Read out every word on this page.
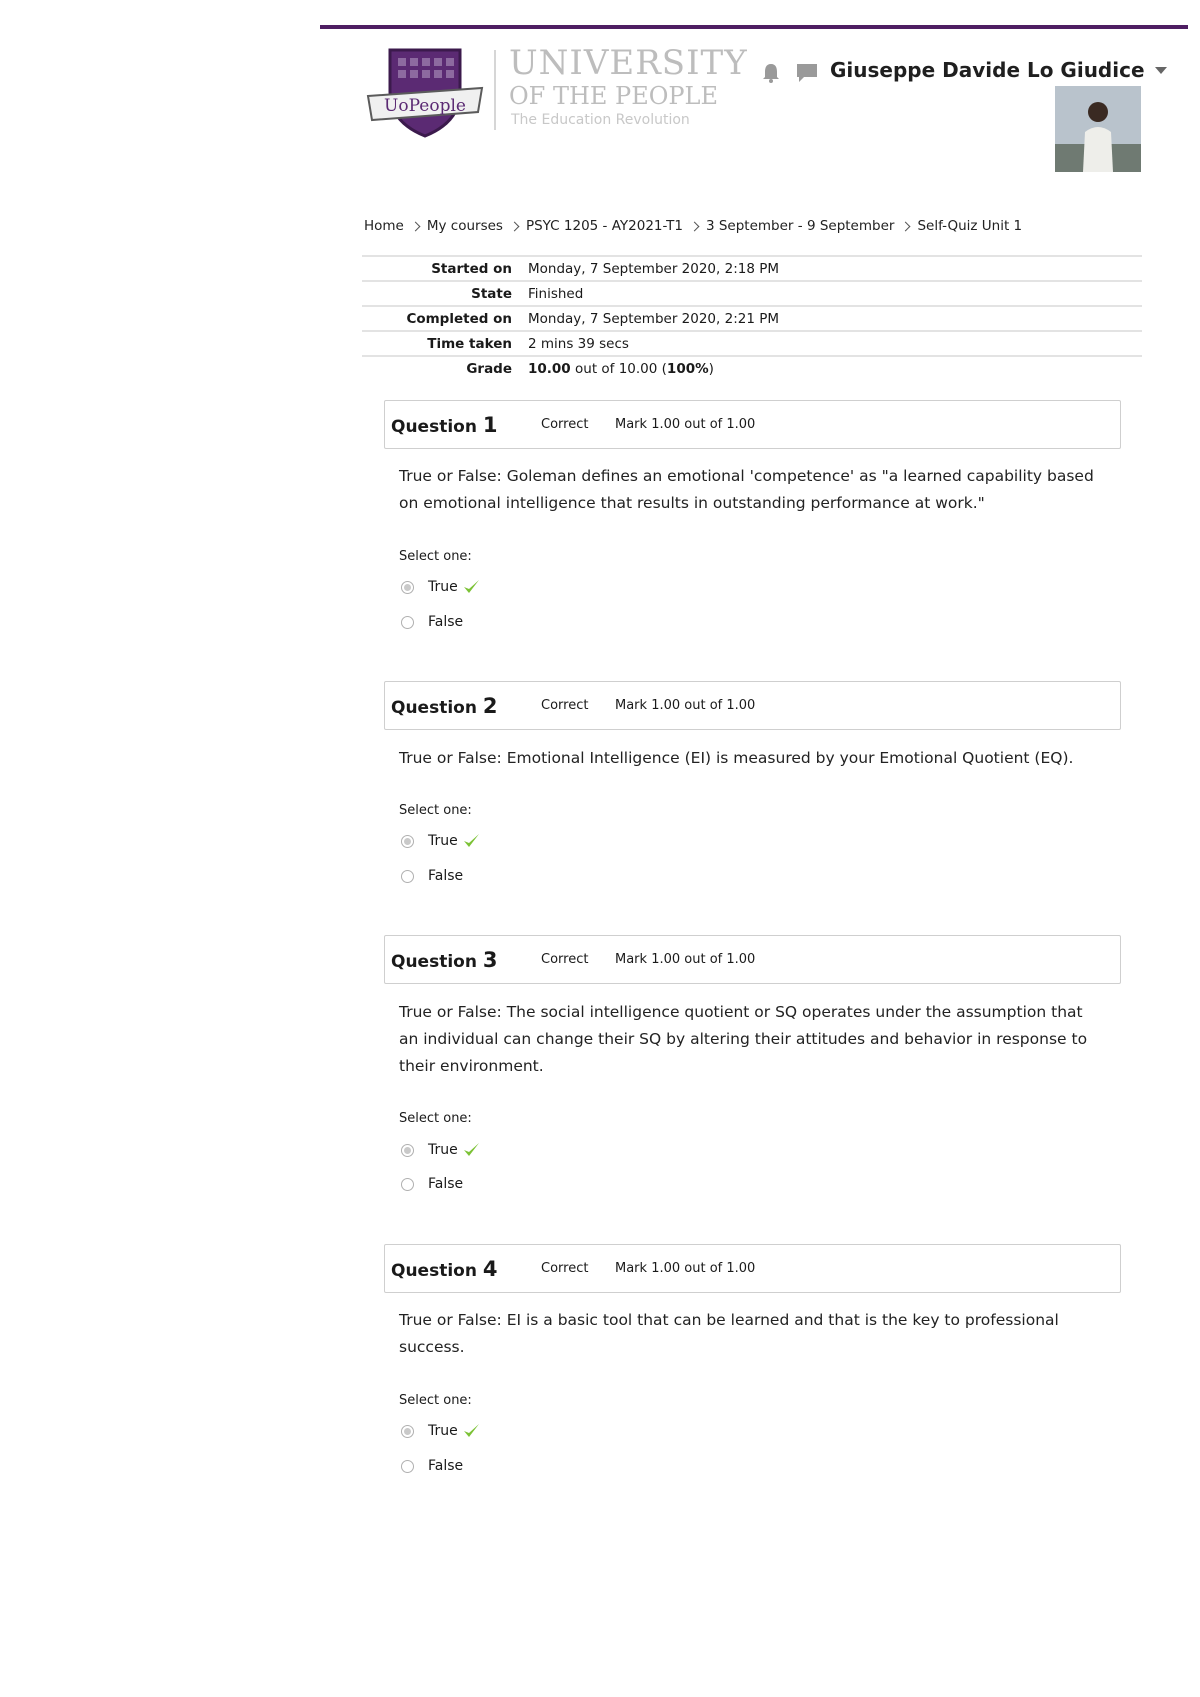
UoPeople
UNIVERSITY
OF THE PEOPLE
The Education Revolution
Giuseppe Davide Lo Giudice
Home My courses PSYC 1205 - AY2021-T1 3 September - 9 September Self-Quiz Unit 1
Started on	Monday, 7 September 2020, 2:18 PM
State	Finished
Completed on	Monday, 7 September 2020, 2:21 PM
Time taken	2 mins 39 secs
Grade	10.00 out of 10.00 (100%)
Question 1	Correct	Mark 1.00 out of 1.00
True or False: Goleman defines an emotional 'competence' as "a learned capability based on emotional intelligence that results in outstanding performance at work."
Select one:
True
False
Question 2	Correct	Mark 1.00 out of 1.00
True or False: Emotional Intelligence (EI) is measured by your Emotional Quotient (EQ).
Select one:
True
False
Question 3	Correct	Mark 1.00 out of 1.00
True or False: The social intelligence quotient or SQ operates under the assumption that an individual can change their SQ by altering their attitudes and behavior in response to their environment.
Select one:
True
False
Question 4	Correct	Mark 1.00 out of 1.00
True or False: EI is a basic tool that can be learned and that is the key to professional success.
Select one:
True
False
